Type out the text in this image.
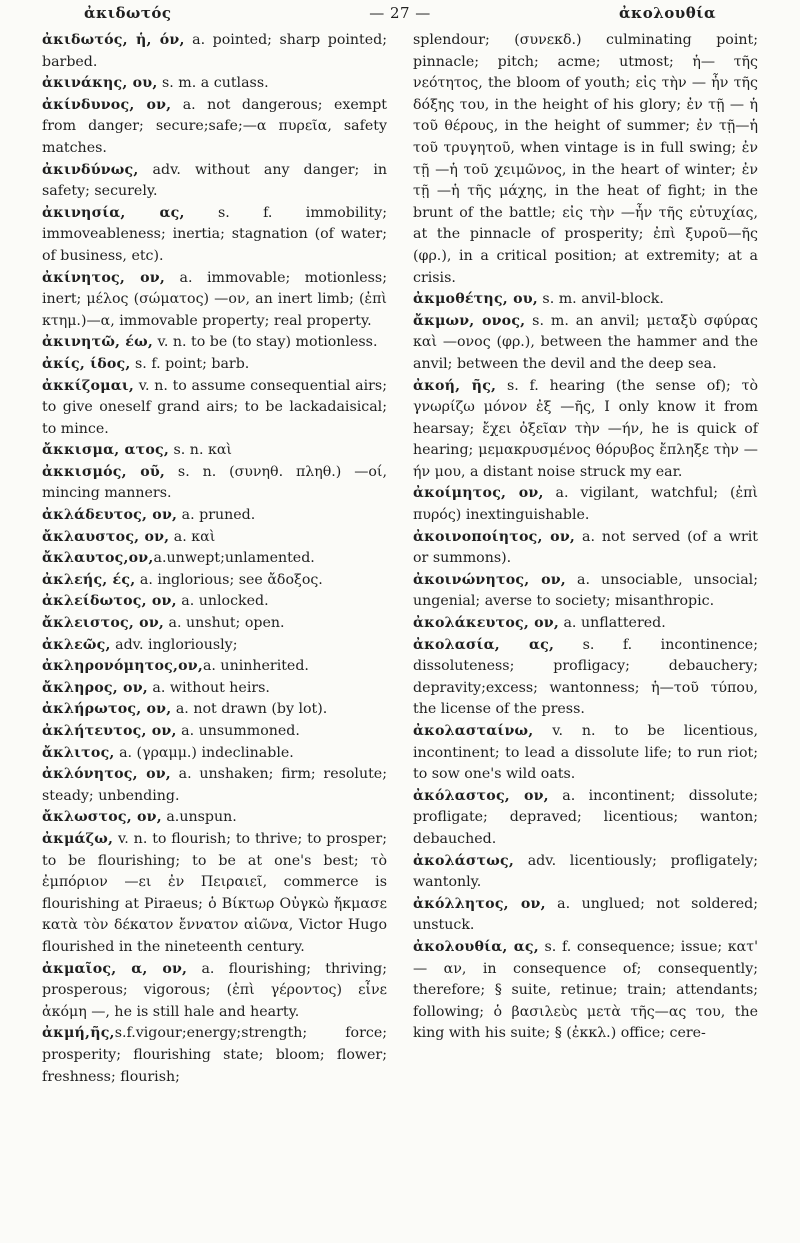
ἀκιδωτός	— 27 —	ἀκολουθία

ἀκιδωτός, ἡ, όν, a. pointed; sharp pointed; barbed.

ἀκινάκης, ου, s. m. a cutlass.

ἀκίνδυνος, ον, a. not dangerous; exempt from danger; secure;safe;—α πυρεῖα, safety matches.

ἀκινδύνως, adv. without any danger; in safety; securely.

ἀκινησία, ας, s. f. immobility; immoveableness; inertia; stagnation (of water; of business, etc).

ἀκίνητος, ον, a. immovable; motionless; inert; μέλος (σώματος) —ον, an inert limb; (ἐπὶ κτημ.)—α, immovable property; real property.

ἀκινητῶ, έω, v. n. to be (to stay) motionless.

ἀκίς, ίδος, s. f. point; barb.

ἀκκίζομαι, v. n. to assume consequential airs; to give oneself grand airs; to be lackadaisical; to mince.

ἄκκισμα, ατος, s. n. καὶ

ἀκκισμός, οῦ, s. n. (συνηθ. πληθ.) —οί, mincing manners.

ἀκλάδευτος, ον, a. pruned.

ἄκλαυστος, ον, a. καὶ

ἄκλαυτος,ον,a.unwept;unlamented.

ἀκλεής, ές, a. inglorious; see ἄδοξος.

ἀκλείδωτος, ον, a. unlocked.

ἄκλειστος, ον, a. unshut; open.

ἀκλεῶς, adv. ingloriously;

ἀκληρονόμητος,ον,a. uninherited.

ἄκληρος, ον, a. without heirs.

ἀκλήρωτος, ον, a. not drawn (by lot).

ἀκλήτευτος, ον, a. unsummoned.

ἄκλιτος, a. (γραμμ.) indeclinable.

ἀκλόνητος, ον, a. unshaken; firm; resolute; steady; unbending.

ἄκλωστος, ον, a.unspun.

ἀκμάζω, v. n. to flourish; to thrive; to prosper; to be flourishing; to be at one's best; τὸ ἐμπόριον —ει ἐν Πειραιεῖ, commerce is flourishing at Piraeus; ὁ Βίκτωρ Οὐγκὼ ἤκμασε κατὰ τὸν δέκατον ἔννατον αἰῶνα, Victor Hugo flourished in the nineteenth century.

ἀκμαῖος, α, ον, a. flourishing; thriving; prosperous; vigorous; (ἐπὶ γέροντος) εἶνε ἀκόμη —, he is still hale and hearty.

ἀκμή,ῆς,s.f.vigour;energy;strength; force; prosperity; flourishing state; bloom; flower; freshness; flourish;

splendour; (συνεκδ.) culminating point; pinnacle; pitch; acme; utmost; ἡ— τῆς νεότητος, the bloom of youth; εἰς τὴν — ἦν τῆς δόξης του, in the height of his glory; ἐν τῇ — ἡ τοῦ θέρους, in the height of summer; ἐν τῇ—ἡ τοῦ τρυγητοῦ, when vintage is in full swing; ἐν τῇ —ἡ τοῦ χειμῶνος, in the heart of winter; ἐν τῇ —ἡ τῆς μάχης, in the heat of fight; in the brunt of the battle; εἰς τὴν —ἦν τῆς εὐτυχίας, at the pinnacle of prosperity; ἐπὶ ξυροῦ—ῆς (φρ.), in a critical position; at extremity; at a crisis.

ἀκμοθέτης, ου, s. m. anvil-block.

ἄκμων, ονος, s. m. an anvil; μεταξὺ σφύρας καὶ —ονος (φρ.), between the hammer and the anvil; between the devil and the deep sea.

ἀκοή, ῆς, s. f. hearing (the sense of); τὸ γνωρίζω μόνον ἐξ —ῆς, I only know it from hearsay; ἔχει ὀξεῖαν τὴν —ήν, he is quick of hearing; μεμακρυσμένος θόρυβος ἔπληξε τὴν — ήν μου, a distant noise struck my ear.

ἀκοίμητος, ον, a. vigilant, watchful; (ἐπὶ πυρός) inextinguishable.

ἀκοινοποίητος, ον, a. not served (of a writ or summons).

ἀκοινώνητος, ον, a. unsociable, unsocial; ungenial; averse to society; misanthropic.

ἀκολάκευτος, ον, a. unflattered.

ἀκολασία, ας, s. f. incontinence; dissoluteness; profligacy; debauchery; depravity;excess; wantonness; ἡ—τοῦ τύπου, the license of the press.

ἀκολασταίνω, v. n. to be licentious, incontinent; to lead a dissolute life; to run riot; to sow one's wild oats.

ἀκόλαστος, ον, a. incontinent; dissolute; profligate; depraved; licentious; wanton; debauched.

ἀκολάστως, adv. licentiously; profligately; wantonly.

ἀκόλλητος, ον, a. unglued; not soldered; unstuck.

ἀκολουθία, ας, s. f. consequence; issue; κατ' — αν, in consequence of; consequently; therefore; § suite, retinue; train; attendants; following; ὁ βασιλεὺς μετὰ τῆς—ας του, the king with his suite; § (ἐκκλ.) office; cere-
